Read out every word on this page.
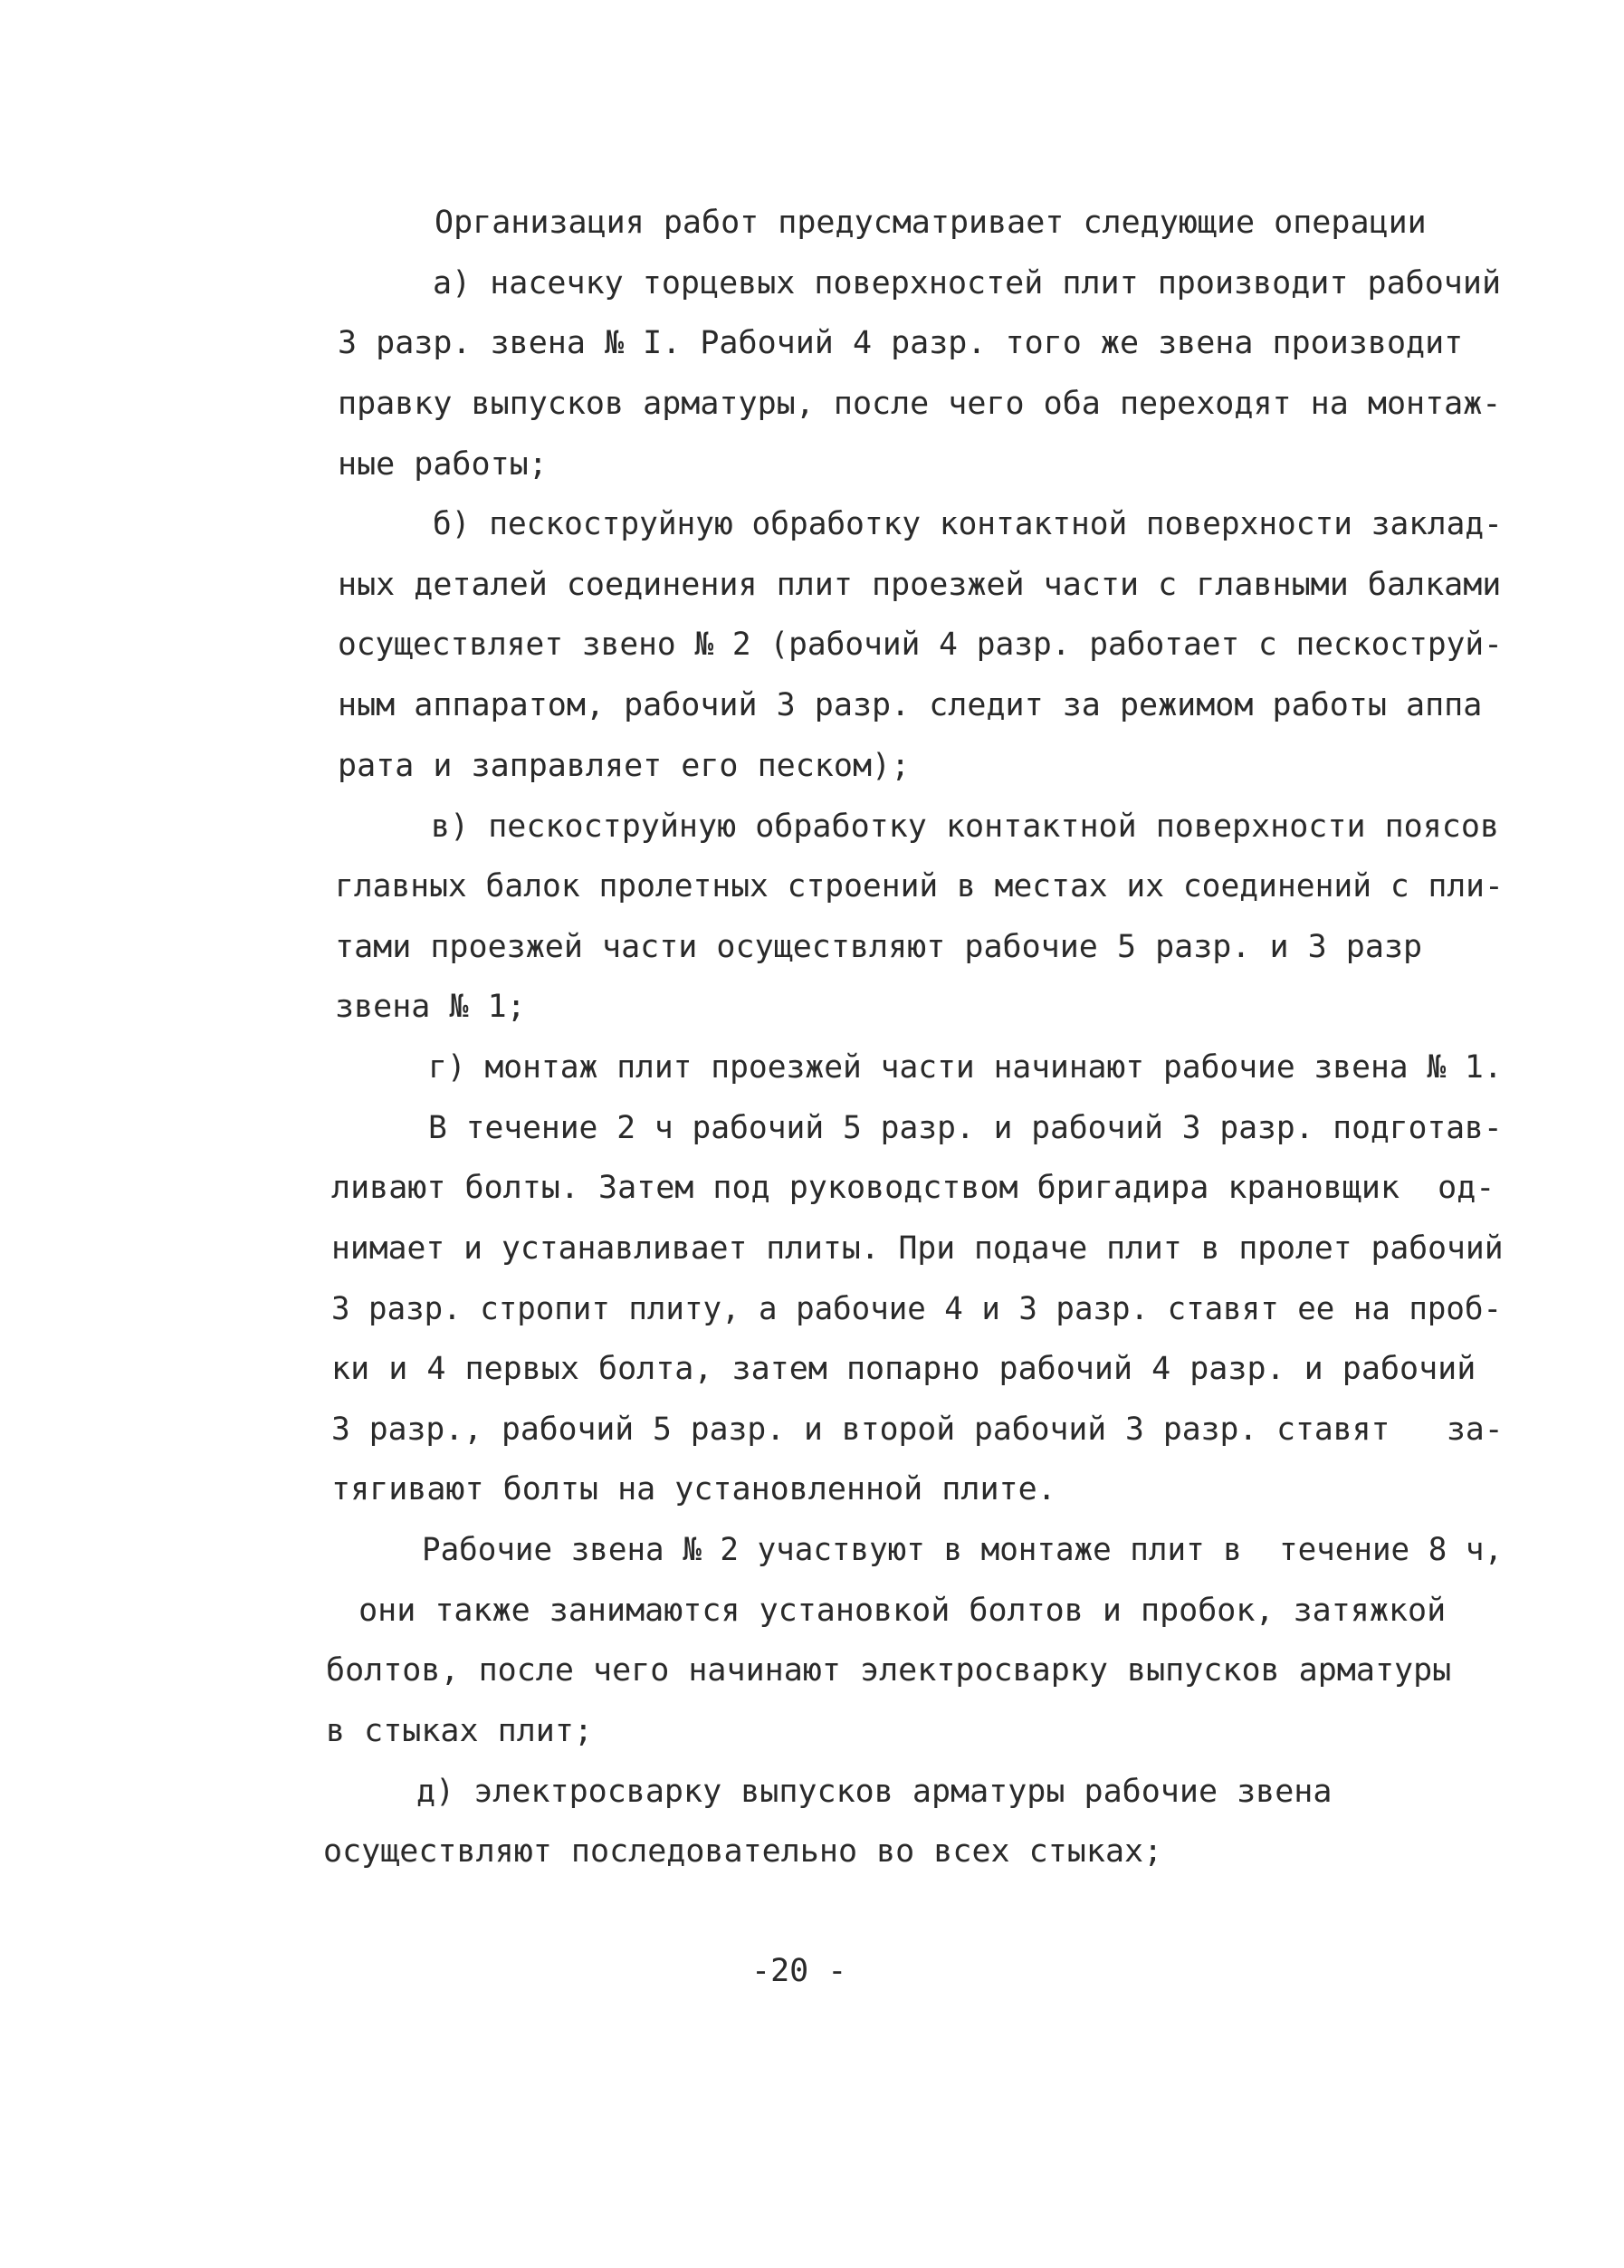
Организация работ предусматривает следующие операции

а) насечку торцевых поверхностей плит производит рабочий

3 разр. звена № I. Рабочий 4 разр. того же звена производит

правку выпусков арматуры, после чего оба переходят на монтаж-

ные работы;

б) пескоструйную обработку контактной поверхности заклад-

ных деталей соединения плит проезжей части с главными балками

осуществляет звено № 2 (рабочий 4 разр. работает с пескоструй-

ным аппаратом, рабочий 3 разр. следит за режимом работы аппа

рата и заправляет его песком);

в) пескоструйную обработку контактной поверхности поясов

главных балок пролетных строений в местах их соединений с пли-

тами проезжей части осуществляют рабочие 5 разр. и 3 разр

звена № 1;

г) монтаж плит проезжей части начинают рабочие звена № 1.

В течение 2 ч рабочий 5 разр. и рабочий 3 разр. подготав-

ливают болты. Затем под руководством бригадира крановщик  од-

нимает и устанавливает плиты. При подаче плит в пролет рабочий

3 разр. стропит плиту, а рабочие 4 и 3 разр. ставят ее на проб-

ки и 4 первых болта, затем попарно рабочий 4 разр. и рабочий

3 разр., рабочий 5 разр. и второй рабочий 3 разр. ставят   за-

тягивают болты на установленной плите.

Рабочие звена № 2 участвуют в монтаже плит в  течение 8 ч,

они также занимаются установкой болтов и пробок, затяжкой

болтов, после чего начинают электросварку выпусков арматуры

в стыках плит;

д) электросварку выпусков арматуры рабочие звена

осуществляют последовательно во всех стыках;

-20 -
